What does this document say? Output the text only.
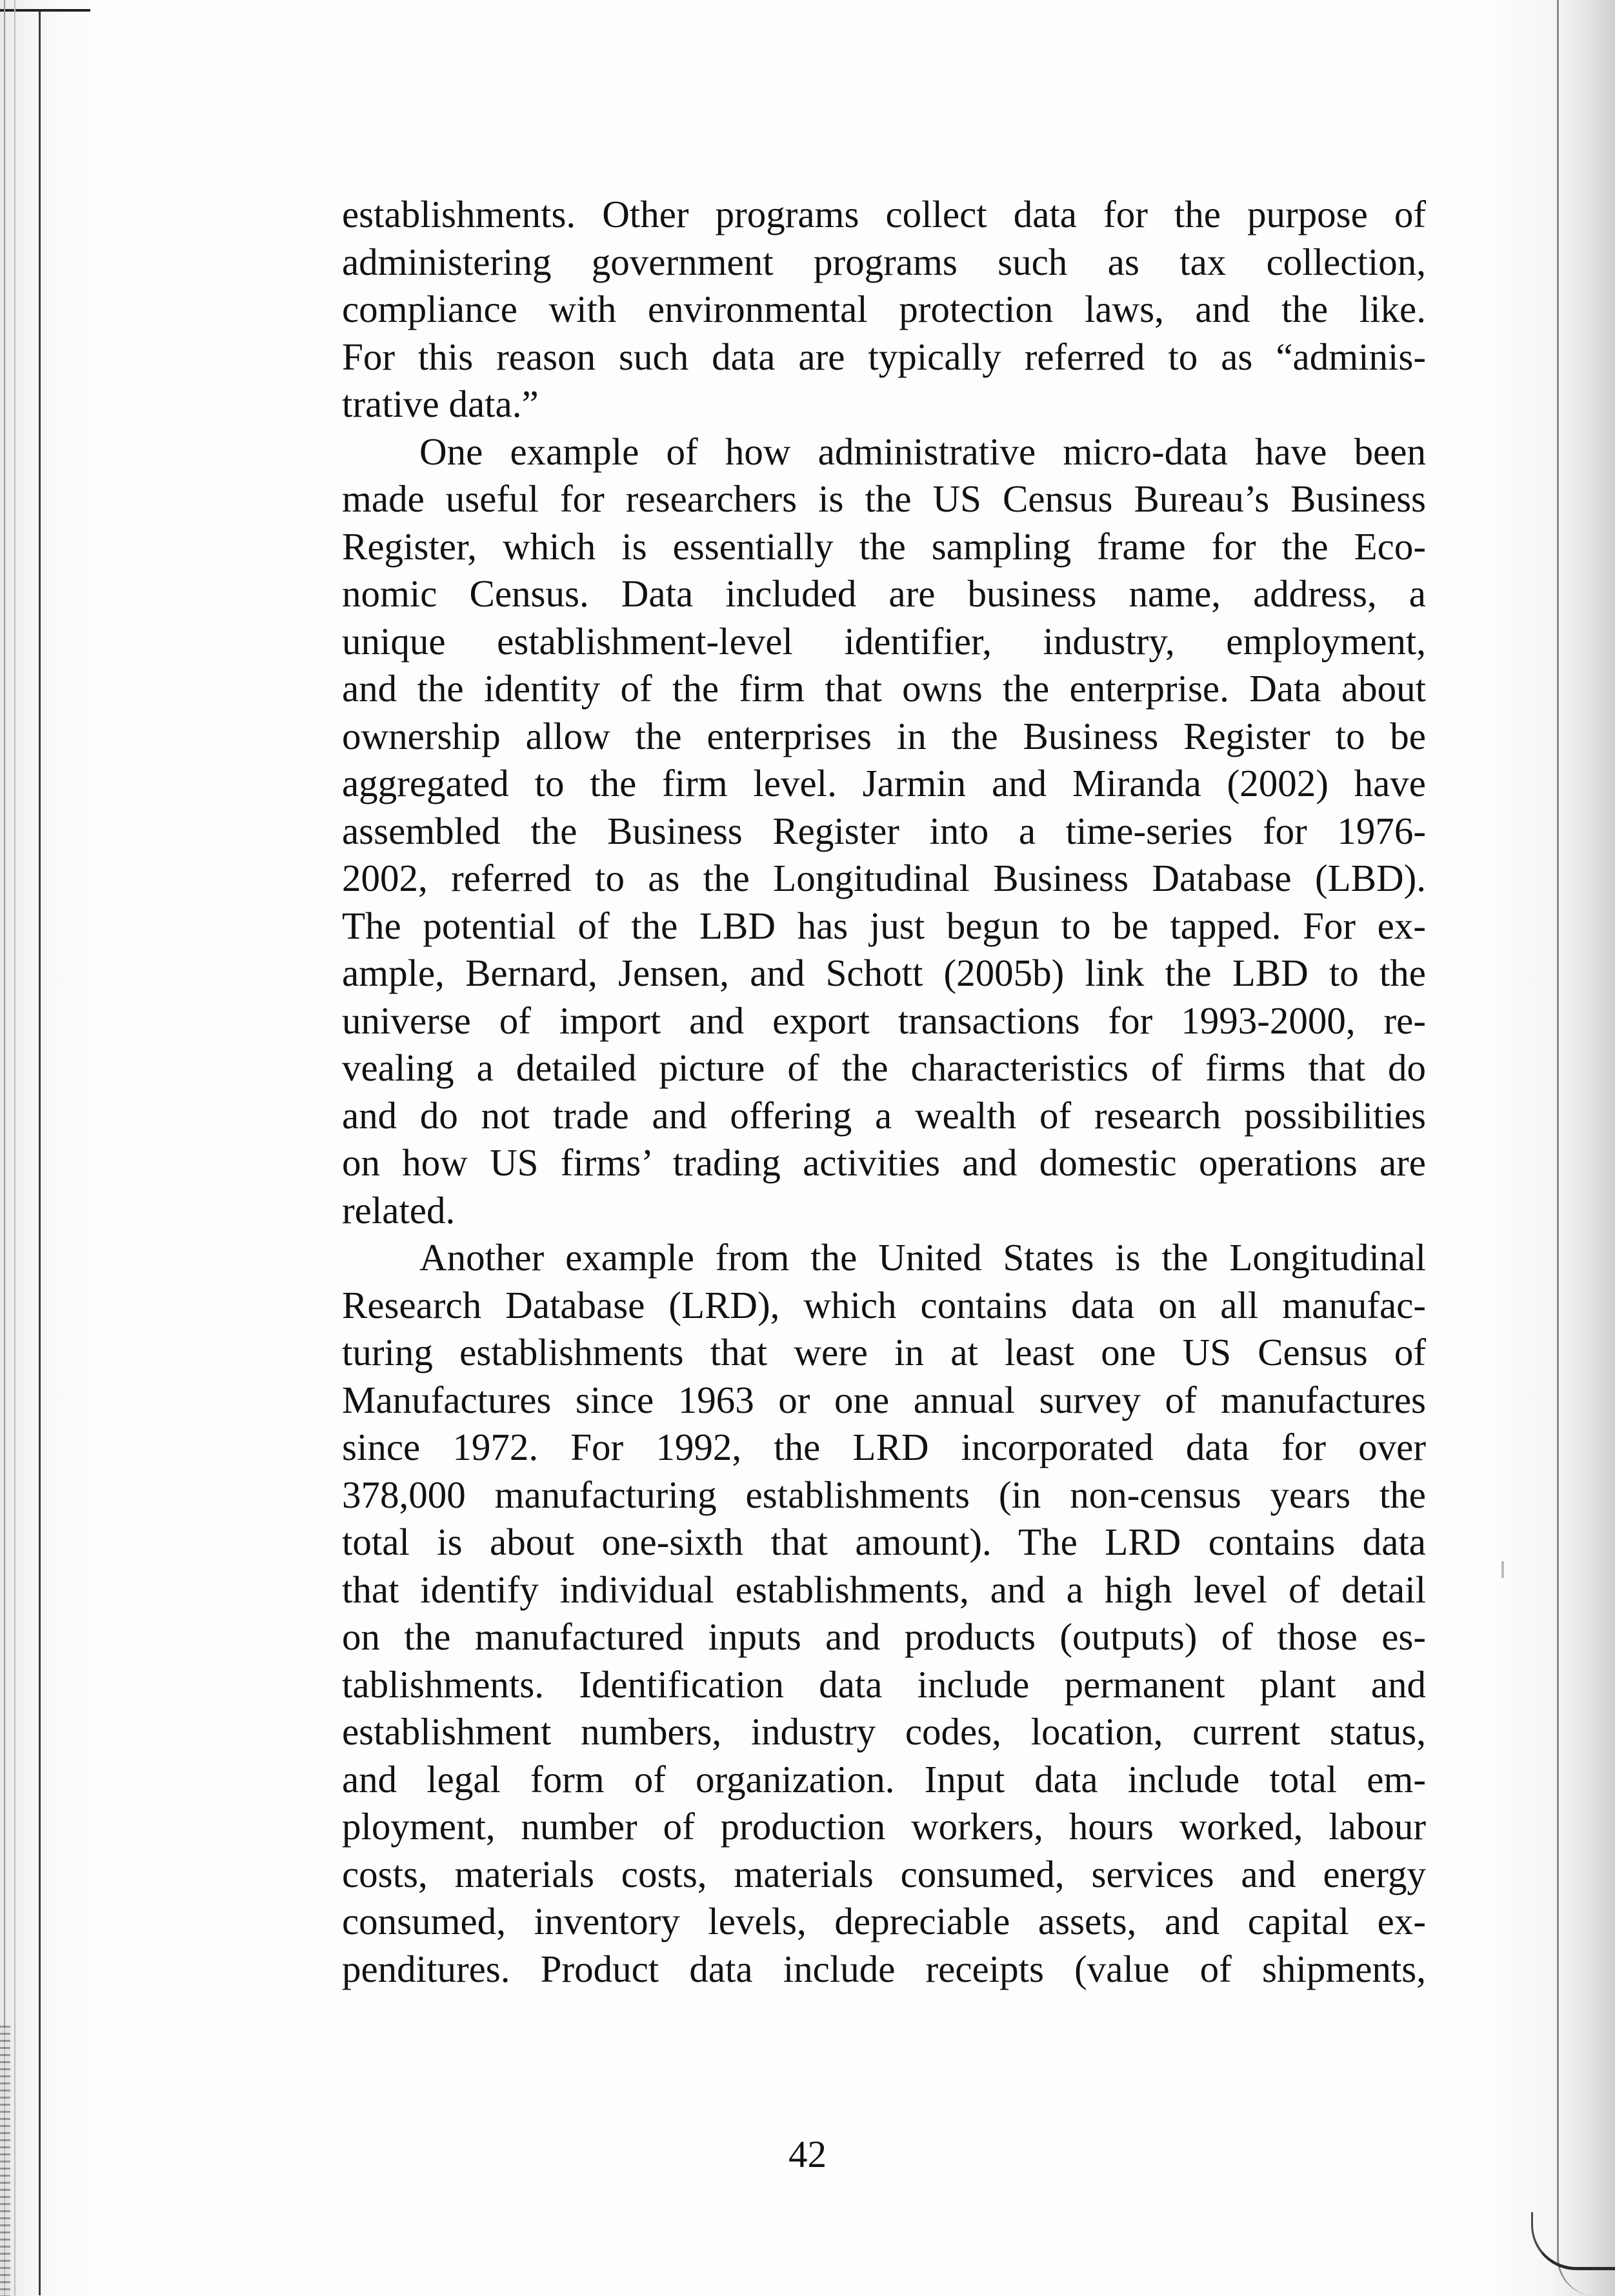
establishments. Other programs collect data for the purpose of
administering government programs such as tax collection,
compliance with environmental protection laws, and the like.
For this reason such data are typically referred to as “adminis-
trative data.”
One example of how administrative micro-data have been
made useful for researchers is the US Census Bureau’s Business
Register, which is essentially the sampling frame for the Eco-
nomic Census. Data included are business name, address, a
unique establishment-level identifier, industry, employment,
and the identity of the firm that owns the enterprise. Data about
ownership allow the enterprises in the Business Register to be
aggregated to the firm level. Jarmin and Miranda (2002) have
assembled the Business Register into a time-series for 1976-
2002, referred to as the Longitudinal Business Database (LBD).
The potential of the LBD has just begun to be tapped. For ex-
ample, Bernard, Jensen, and Schott (2005b) link the LBD to the
universe of import and export transactions for 1993-2000, re-
vealing a detailed picture of the characteristics of firms that do
and do not trade and offering a wealth of research possibilities
on how US firms’ trading activities and domestic operations are
related.
Another example from the United States is the Longitudinal
Research Database (LRD), which contains data on all manufac-
turing establishments that were in at least one US Census of
Manufactures since 1963 or one annual survey of manufactures
since 1972. For 1992, the LRD incorporated data for over
378,000 manufacturing establishments (in non-census years the
total is about one-sixth that amount). The LRD contains data
that identify individual establishments, and a high level of detail
on the manufactured inputs and products (outputs) of those es-
tablishments. Identification data include permanent plant and
establishment numbers, industry codes, location, current status,
and legal form of organization. Input data include total em-
ployment, number of production workers, hours worked, labour
costs, materials costs, materials consumed, services and energy
consumed, inventory levels, depreciable assets, and capital ex-
penditures. Product data include receipts (value of shipments,
42
